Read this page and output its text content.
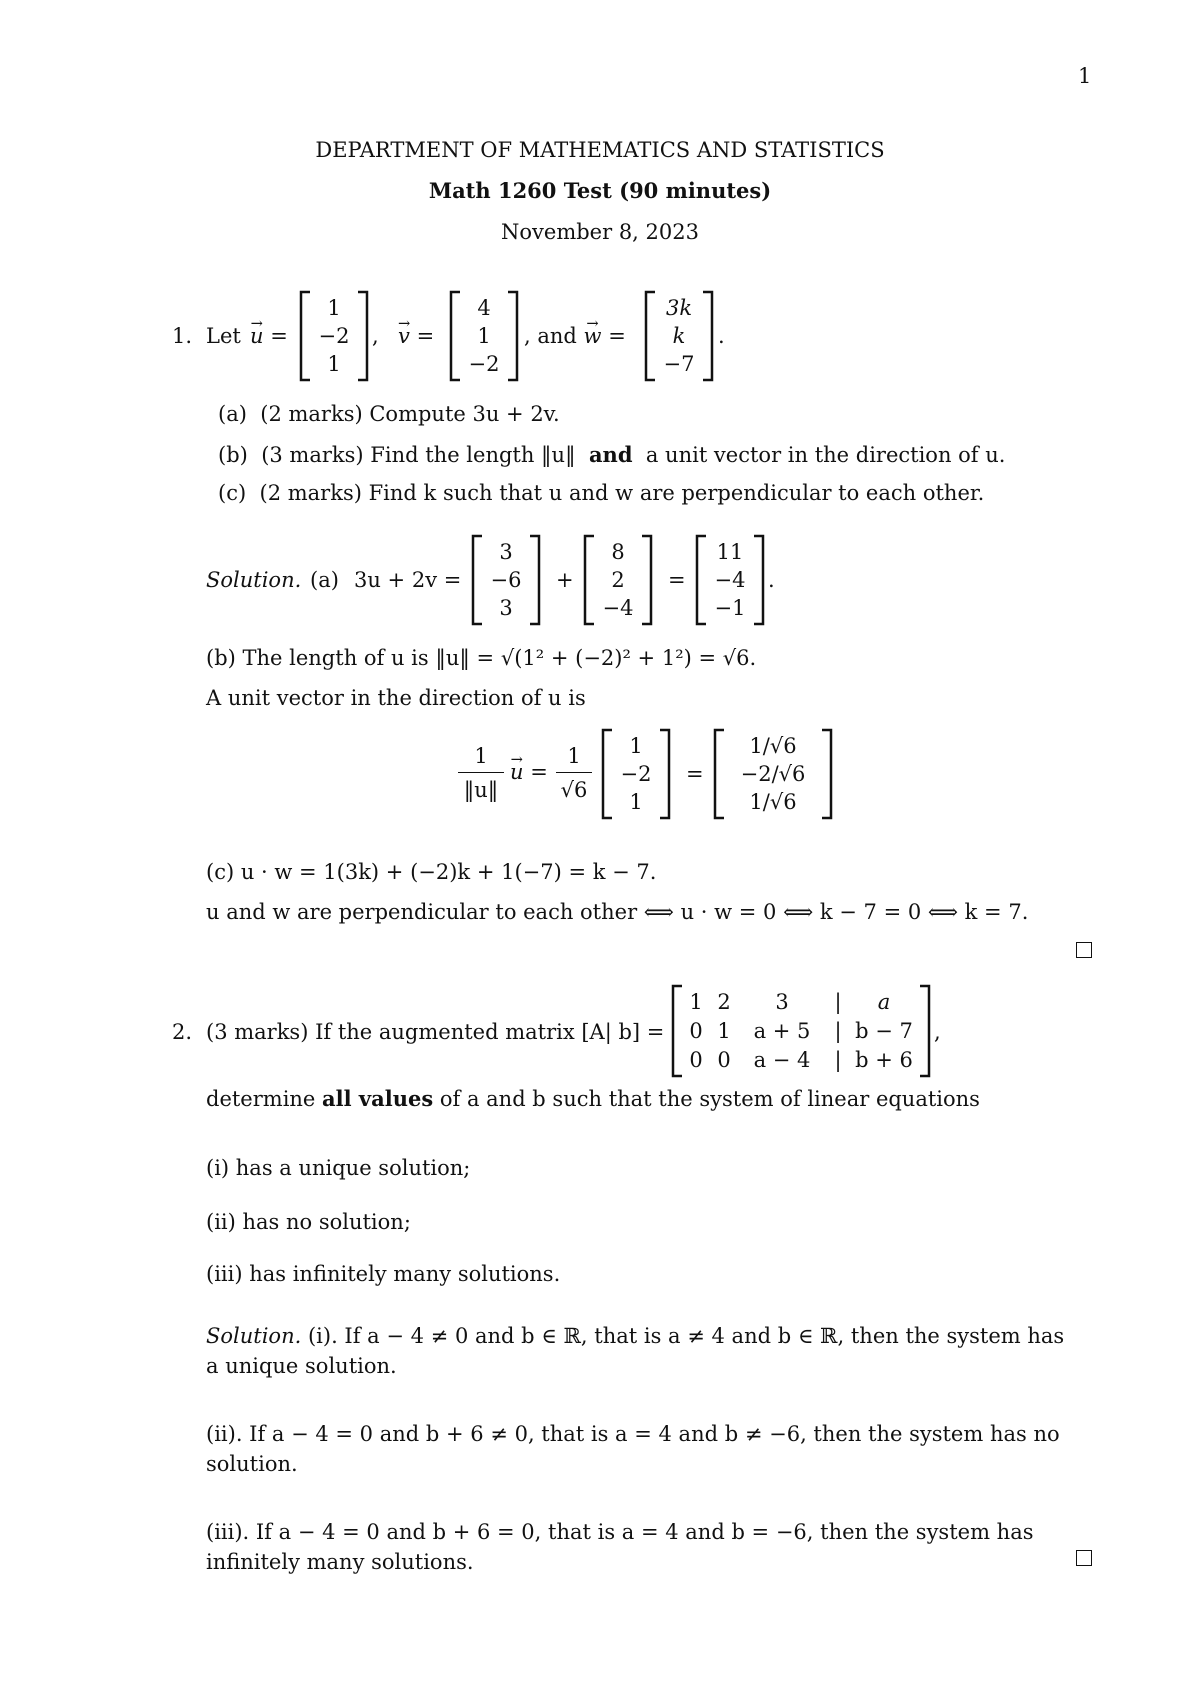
1
DEPARTMENT OF MATHEMATICS AND STATISTICS
Math 1260 Test (90 minutes)
November 8, 2023
1. Let → u =
1
−2
1
, → v =
4
1
−2
, and → w =
3k
k
−7
.
(a) (2 marks) Compute 3u + 2v.
(b) (3 marks) Find the length ‖u‖ and a unit vector in the direction of u.
(c) (2 marks) Find k such that u and w are perpendicular to each other.
Solution. (a) 3u + 2v =
3
−6
3
+
8
2
−4
=
11
−4
−1
.
(b) The length of u is ‖u‖ = √(1² + (−2)² + 1²) = √6.
A unit vector in the direction of u is
1
‖u‖
→ u =
1
√6
1
−2
1
=
1/√6
−2/√6
1/√6
(c) u · w = 1(3k) + (−2)k + 1(−7) = k − 7.
u and w are perpendicular to each other ⟺ u · w = 0 ⟺ k − 7 = 0 ⟺ k = 7.
2. (3 marks) If the augmented matrix [A| b] =
1 2	3	|	a
0 1	a + 5	| b − 7
0 0	a − 4	| b + 6
,
determine all values of a and b such that the system of linear equations
(i) has a unique solution;
(ii) has no solution;
(iii) has infinitely many solutions.
Solution. (i). If a − 4 ≠ 0 and b ∈ ℝ, that is a ≠ 4 and b ∈ ℝ, then the system has
a unique solution.
(ii). If a − 4 = 0 and b + 6 ≠ 0, that is a = 4 and b ≠ −6, then the system has no
solution.
(iii). If a − 4 = 0 and b + 6 = 0, that is a = 4 and b = −6, then the system has
infinitely many solutions.
